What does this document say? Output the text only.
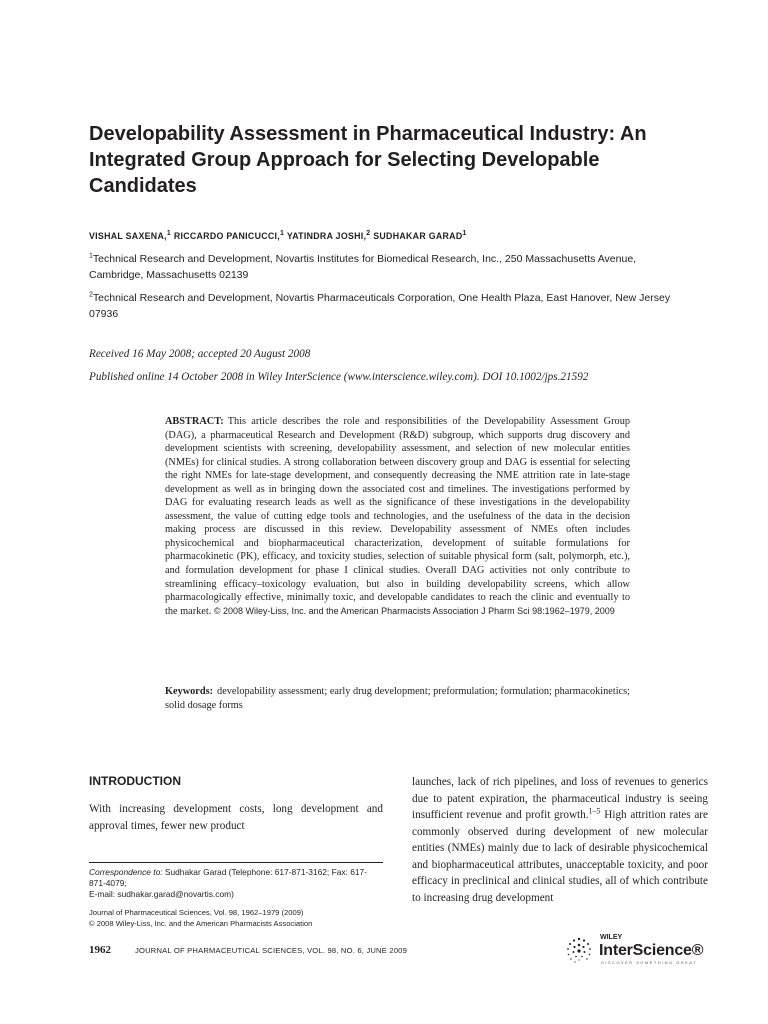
Developability Assessment in Pharmaceutical Industry: An Integrated Group Approach for Selecting Developable Candidates
VISHAL SAXENA,$^1$ RICCARDO PANICUCCI,$^1$ YATINDRA JOSHI,$^2$ SUDHAKAR GARAD$^1$
$^1$Technical Research and Development, Novartis Institutes for Biomedical Research, Inc., 250 Massachusetts Avenue, Cambridge, Massachusetts 02139
$^2$Technical Research and Development, Novartis Pharmaceuticals Corporation, One Health Plaza, East Hanover, New Jersey 07936
Received 16 May 2008; accepted 20 August 2008
Published online 14 October 2008 in Wiley InterScience (www.interscience.wiley.com). DOI 10.1002/jps.21592
ABSTRACT: This article describes the role and responsibilities of the Developability Assessment Group (DAG), a pharmaceutical Research and Development (R&D) subgroup, which supports drug discovery and development scientists with screening, developability assessment, and selection of new molecular entities (NMEs) for clinical studies. A strong collaboration between discovery group and DAG is essential for selecting the right NMEs for late-stage development, and consequently decreasing the NME attrition rate in late-stage development as well as in bringing down the associated cost and timelines. The investigations performed by DAG for evaluating research leads as well as the significance of these investigations in the developability assessment, the value of cutting edge tools and technologies, and the usefulness of the data in the decision making process are discussed in this review. Developability assessment of NMEs often includes physicochemical and biopharmaceutical characterization, development of suitable formulations for pharmacokinetic (PK), efficacy, and toxicity studies, selection of suitable physical form (salt, polymorph, etc.), and formulation development for phase I clinical studies. Overall DAG activities not only contribute to streamlining efficacy–toxicology evaluation, but also in building developability screens, which allow pharmacologically effective, minimally toxic, and developable candidates to reach the clinic and eventually to the market. © 2008 Wiley-Liss, Inc. and the American Pharmacists Association J Pharm Sci 98:1962–1979, 2009
Keywords: developability assessment; early drug development; preformulation; formulation; pharmacokinetics; solid dosage forms
INTRODUCTION
With increasing development costs, long development and approval times, fewer new product
launches, lack of rich pipelines, and loss of revenues to generics due to patent expiration, the pharmaceutical industry is seeing insufficient revenue and profit growth.$^{1-5}$ High attrition rates are commonly observed during development of new molecular entities (NMEs) mainly due to lack of desirable physicochemical and biopharmaceutical attributes, unacceptable toxicity, and poor efficacy in preclinical and clinical studies, all of which contribute to increasing drug development
Correspondence to: Sudhakar Garad (Telephone: 617-871-3162; Fax: 617-871-4079;
E-mail: sudhakar.garad@novartis.com)
Journal of Pharmaceutical Sciences, Vol. 98, 1962–1979 (2009)
© 2008 Wiley-Liss, Inc. and the American Pharmacists Association
1962	JOURNAL OF PHARMACEUTICAL SCIENCES, VOL. 98, NO. 6, JUNE 2009
WILEY
InterScience®
DISCOVER SOMETHING GREAT
